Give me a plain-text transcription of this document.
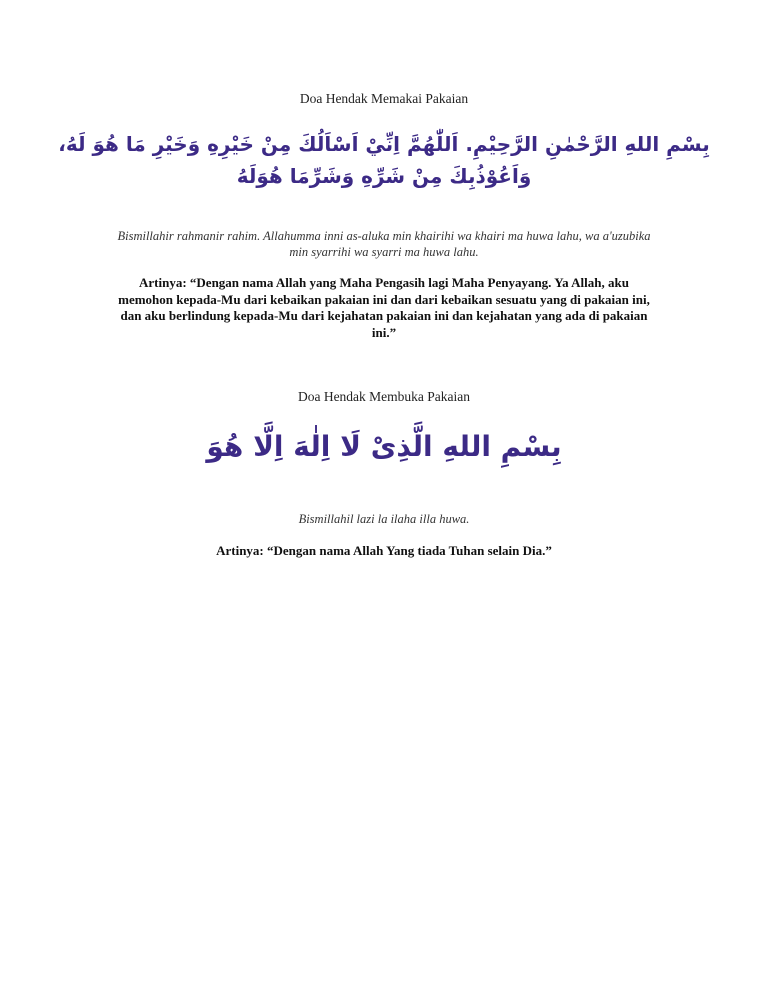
Doa Hendak Memakai Pakaian
بِسْمِ اللهِ الرَّحْمٰنِ الرَّحِيْمِ. اَللّٰهُمَّ اِنِّيْ اَسْاَلُكَ مِنْ خَيْرِهِ وَخَيْرِ مَا هُوَ لَهُ،
وَاَعُوْذُبِكَ مِنْ شَرِّهِ وَشَرِّمَا هُوَلَهُ
Bismillahir rahmanir rahim. Allahumma inni as-aluka min khairihi wa khairi ma huwa lahu, wa a'uzubika min syarrihi wa syarri ma huwa lahu.
Artinya: “Dengan nama Allah yang Maha Pengasih lagi Maha Penyayang. Ya Allah, aku memohon kepada-Mu dari kebaikan pakaian ini dan dari kebaikan sesuatu yang di pakaian ini, dan aku berlindung kepada-Mu dari kejahatan pakaian ini dan kejahatan yang ada di pakaian ini.”
Doa Hendak Membuka Pakaian
بِسْمِ اللهِ الَّذِىْ لَا اِلٰهَ اِلَّا هُوَ
Bismillahil lazi la ilaha illa huwa.
Artinya: “Dengan nama Allah Yang tiada Tuhan selain Dia.”
